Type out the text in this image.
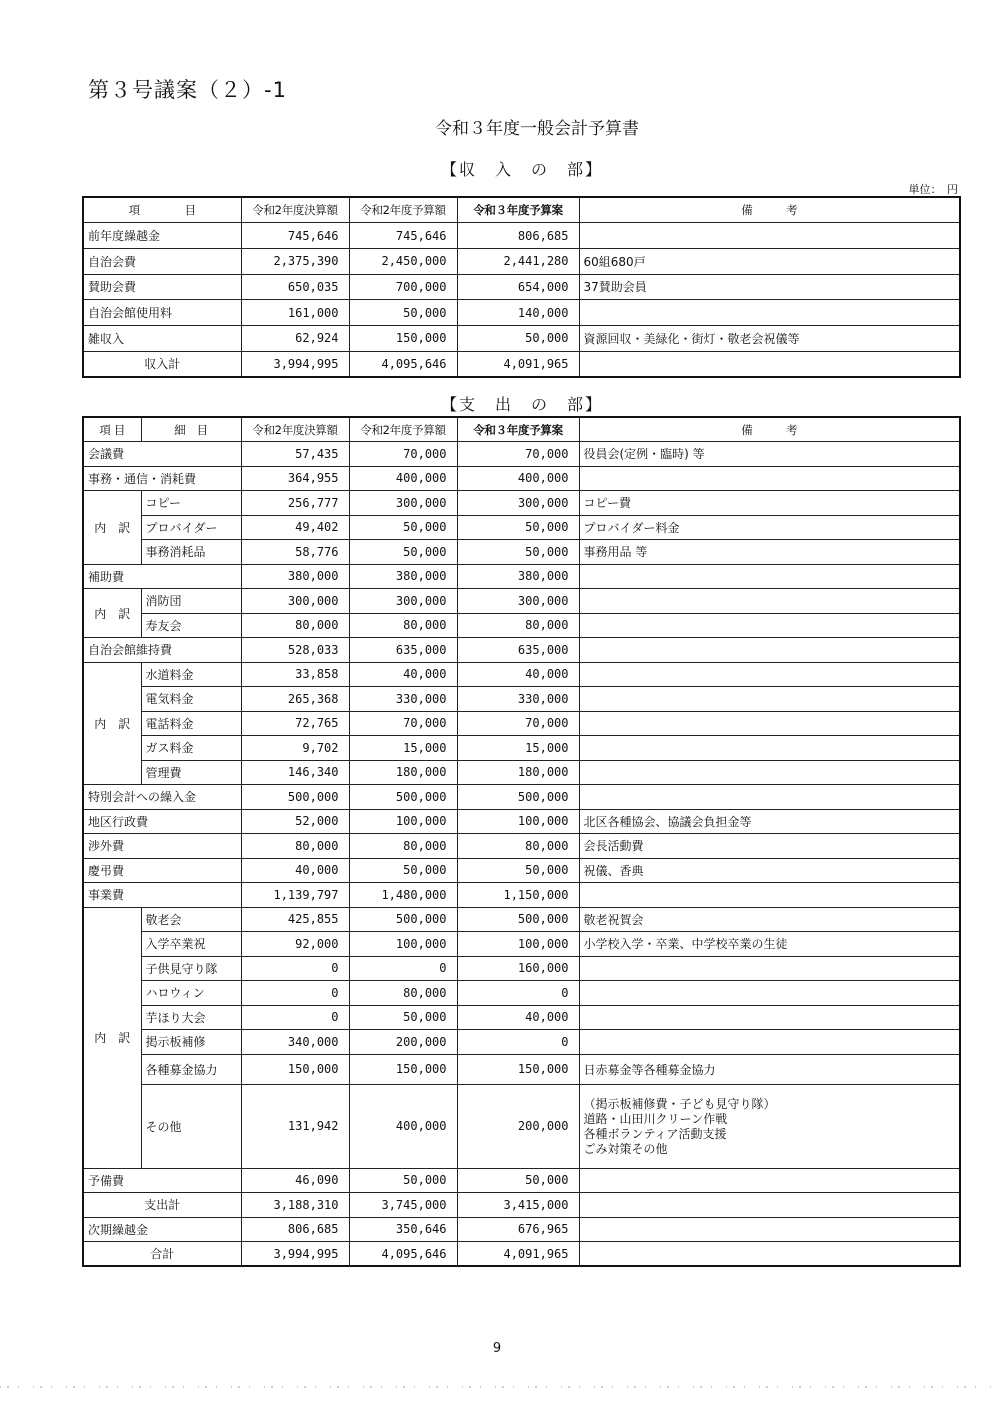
第３号議案（２）-1
令和３年度一般会計予算書
【収　入　の　部】
単位：　円
項　　　　目	令和2年度決算額	令和2年度予算額	令和３年度予算案	備　　　考
前年度繰越金	745,646	745,646	806,685	
自治会費	2,375,390	2,450,000	2,441,280	60組680戸
賛助会費	650,035	700,000	654,000	37賛助会員
自治会館使用料	161,000	50,000	140,000	
雑収入	62,924	150,000	50,000	資源回収・美緑化・街灯・敬老会祝儀等
収入計	3,994,995	4,095,646	4,091,965	
【支　出　の　部】
項 目	細　目	令和2年度決算額	令和2年度予算額	令和３年度予算案	備　　　考
会議費		57,435	70,000	70,000	役員会(定例・臨時) 等
事務・通信・消耗費		364,955	400,000	400,000	
内　訳	コピー	256,777	300,000	300,000	コピー費
	プロバイダー	49,402	50,000	50,000	プロバイダー料金
	事務消耗品	58,776	50,000	50,000	事務用品 等
補助費		380,000	380,000	380,000	
内　訳	消防団	300,000	300,000	300,000	
	寿友会	80,000	80,000	80,000	
自治会館維持費		528,033	635,000	635,000	
内　訳	水道料金	33,858	40,000	40,000	
	電気料金	265,368	330,000	330,000	
	電話料金	72,765	70,000	70,000	
	ガス料金	9,702	15,000	15,000	
	管理費	146,340	180,000	180,000	
特別会計への繰入金		500,000	500,000	500,000	
地区行政費		52,000	100,000	100,000	北区各種協会、協議会負担金等
渉外費		80,000	80,000	80,000	会長活動費
慶弔費		40,000	50,000	50,000	祝儀、香典
事業費		1,139,797	1,480,000	1,150,000	
内　訳	敬老会	425,855	500,000	500,000	敬老祝賀会
	入学卒業祝	92,000	100,000	100,000	小学校入学・卒業、中学校卒業の生徒
	子供見守り隊	0	0	160,000	
	ハロウィン	0	80,000	0	
	芋ほり大会	0	50,000	40,000	
	掲示板補修	340,000	200,000	0	
	各種募金協力	150,000	150,000	150,000	日赤募金等各種募金協力
	その他	131,942	400,000	200,000	（掲示板補修費・子ども見守り隊）
道路・山田川クリーン作戦
各種ボランティア活動支援
ごみ対策その他

予備費		46,090	50,000	50,000	
支出計		3,188,310	3,745,000	3,415,000	
次期繰越金		806,685	350,646	676,965	
合計		3,994,995	4,095,646	4,091,965	
9
